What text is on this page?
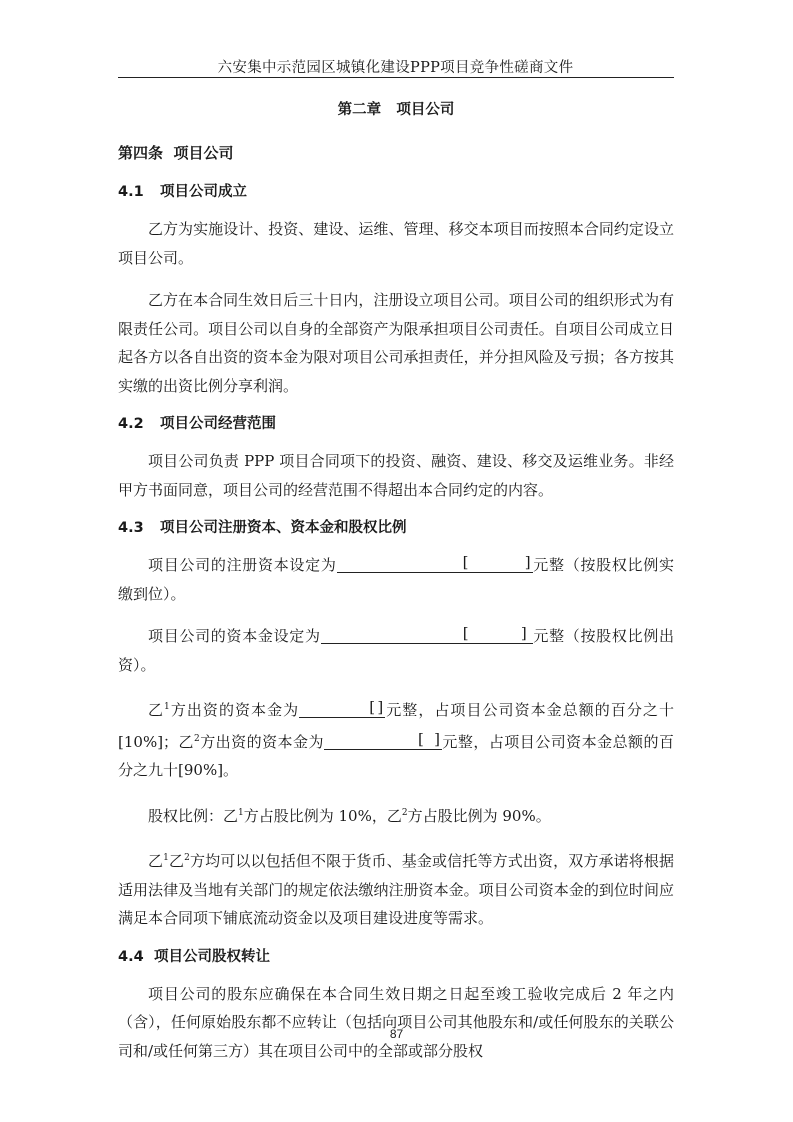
六安集中示范园区城镇化建设PPP项目竞争性磋商文件
第二章   项目公司
第四条  项目公司
4.1 项目公司成立

乙方为实施设计、投资、建设、运维、管理、移交本项目而按照本合同约定设立项目公司。

乙方在本合同生效日后三十日内，注册设立项目公司。项目公司的组织形式为有限责任公司。项目公司以自身的全部资产为限承担项目公司责任。自项目公司成立日起各方以各自出资的资本金为限对项目公司承担责任，并分担风险及亏损；各方按其实缴的出资比例分享利润。

4.2 项目公司经营范围

项目公司负责 PPP 项目合同项下的投资、融资、建设、移交及运维业务。非经甲方书面同意，项目公司的经营范围不得超出本合同约定的内容。

4.3 项目公司注册资本、资本金和股权比例

项目公司的注册资本设定为	[	] 元整（按股权比例实缴到位）。

项目公司的资本金设定为	[	] 元整（按股权比例出资）。

乙$^1$方出资的资本金为	[ ] 元整，占项目公司资本金总额的百分之十[10%]；乙$^2$方出资的资本金为	[ ] 元整，占项目公司资本金总额的百分之九十[90%]。

股权比例：乙$^1$方占股比例为 10%，乙$^2$方占股比例为 90%。

乙$^1$乙$^2$方均可以以包括但不限于货币、基金或信托等方式出资，双方承诺将根据适用法律及当地有关部门的规定依法缴纳注册资本金。项目公司资本金的到位时间应满足本合同项下铺底流动资金以及项目建设进度等需求。

4.4 项目公司股权转让

项目公司的股东应确保在本合同生效日期之日起至竣工验收完成后 2 年之内（含），任何原始股东都不应转让（包括向项目公司其他股东和/或任何股东的关联公司和/或任何第三方）其在项目公司中的全部或部分股权

87
